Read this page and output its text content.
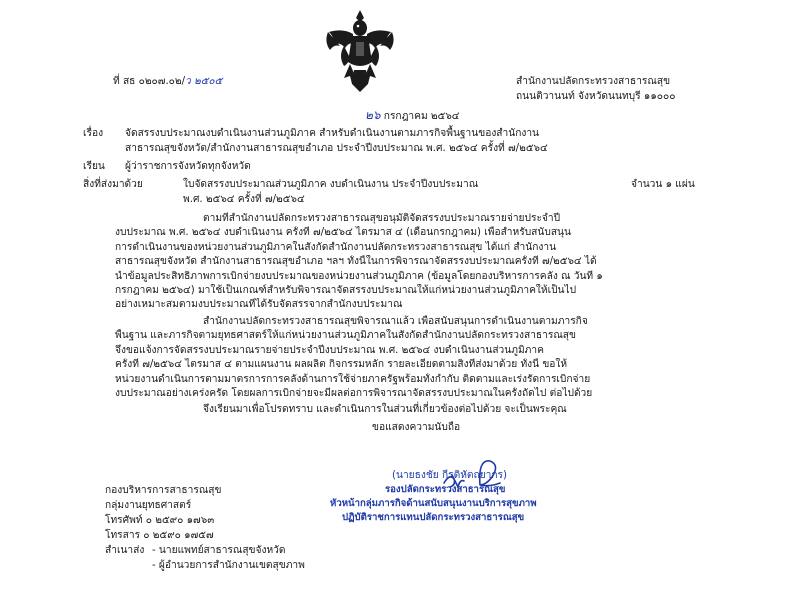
ที่ สธ ๐๒๐๗.๐๒/ว ๒๕๐๕	สำนักงานปลัดกระทรวงสาธารณสุข
ถนนติวานนท์ จังหวัดนนทบุรี ๑๑๐๐๐
๒๖ กรกฎาคม ๒๕๖๔
เรื่อง จัดสรรงบประมาณงบดำเนินงานส่วนภูมิภาค สำหรับดำเนินงานตามภารกิจพื้นฐานของสำนักงาน
สาธารณสุขจังหวัด/สำนักงานสาธารณสุขอำเภอ ประจำปีงบประมาณ พ.ศ. ๒๕๖๔ ครั้งที่ ๗/๒๕๖๔
เรียน ผู้ว่าราชการจังหวัดทุกจังหวัด
สิ่งที่ส่งมาด้วย	ใบจัดสรรงบประมาณส่วนภูมิภาค งบดำเนินงาน ประจำปีงบประมาณ
พ.ศ. ๒๕๖๔ ครั้งที่ ๗/๒๕๖๔
จำนวน ๑ แผ่น
ตามที่สำนักงานปลัดกระทรวงสาธารณสุขอนุมัติจัดสรรงบประมาณรายจ่ายประจำปี
งบประมาณ พ.ศ. ๒๕๖๔ งบดำเนินงาน ครั้งที่ ๗/๒๕๖๔ ไตรมาส ๔ (เดือนกรกฎาคม) เพื่อสำหรับสนับสนุน
การดำเนินงานของหน่วยงานส่วนภูมิภาคในสังกัดสำนักงานปลัดกระทรวงสาธารณสุข ได้แก่ สำนักงาน
สาธารณสุขจังหวัด สำนักงานสาธารณสุขอำเภอ ฯลฯ ทั้งนี้ในการพิจารณาจัดสรรงบประมาณครั้งที่ ๗/๒๕๖๔ ได้
นำข้อมูลประสิทธิภาพการเบิกจ่ายงบประมาณของหน่วยงานส่วนภูมิภาค (ข้อมูลโดยกองบริหารการคลัง ณ วันที่ ๑
กรกฎาคม ๒๕๖๔) มาใช้เป็นเกณฑ์สำหรับพิจารณาจัดสรรงบประมาณให้แก่หน่วยงานส่วนภูมิภาคให้เป็นไป
อย่างเหมาะสมตามงบประมาณที่ได้รับจัดสรรจากสำนักงบประมาณ
สำนักงานปลัดกระทรวงสาธารณสุขพิจารณาแล้ว เพื่อสนับสนุนการดำเนินงานตามภารกิจ
พื้นฐาน และภารกิจตามยุทธศาสตร์ให้แก่หน่วยงานส่วนภูมิภาคในสังกัดสำนักงานปลัดกระทรวงสาธารณสุข
จึงขอแจ้งการจัดสรรงบประมาณรายจ่ายประจำปีงบประมาณ พ.ศ. ๒๕๖๔ งบดำเนินงานส่วนภูมิภาค
ครั้งที่ ๗/๒๕๖๔ ไตรมาส ๔ ตามแผนงาน ผลผลิต กิจกรรมหลัก รายละเอียดตามสิ่งที่ส่งมาด้วย ทั้งนี้ ขอให้
หน่วยงานดำเนินการตามมาตรการการคลังด้านการใช้จ่ายภาครัฐพร้อมทั้งกำกับ ติดตามและเร่งรัดการเบิกจ่าย
งบประมาณอย่างเคร่งครัด โดยผลการเบิกจ่ายจะมีผลต่อการพิจารณาจัดสรรงบประมาณในครั้งถัดไป ต่อไปด้วย
จึงเรียนมาเพื่อโปรดทราบ และดำเนินการในส่วนที่เกี่ยวข้องต่อไปด้วย จะเป็นพระคุณ
ขอแสดงความนับถือ
(นายธงชัย กีรติหัตถยากร)
รองปลัดกระทรวงสาธารณสุข
หัวหน้ากลุ่มภารกิจด้านสนับสนุนงานบริการสุขภาพ
ปฏิบัติราชการแทนปลัดกระทรวงสาธารณสุข
กองบริหารการสาธารณสุข
กลุ่มงานยุทธศาสตร์
โทรศัพท์ ๐ ๒๕๙๐ ๑๗๖๓
โทรสาร ๐ ๒๕๙๐ ๑๗๕๗
สำเนาส่ง - นายแพทย์สาธารณสุขจังหวัด
- ผู้อำนวยการสำนักงานเขตสุขภาพ
